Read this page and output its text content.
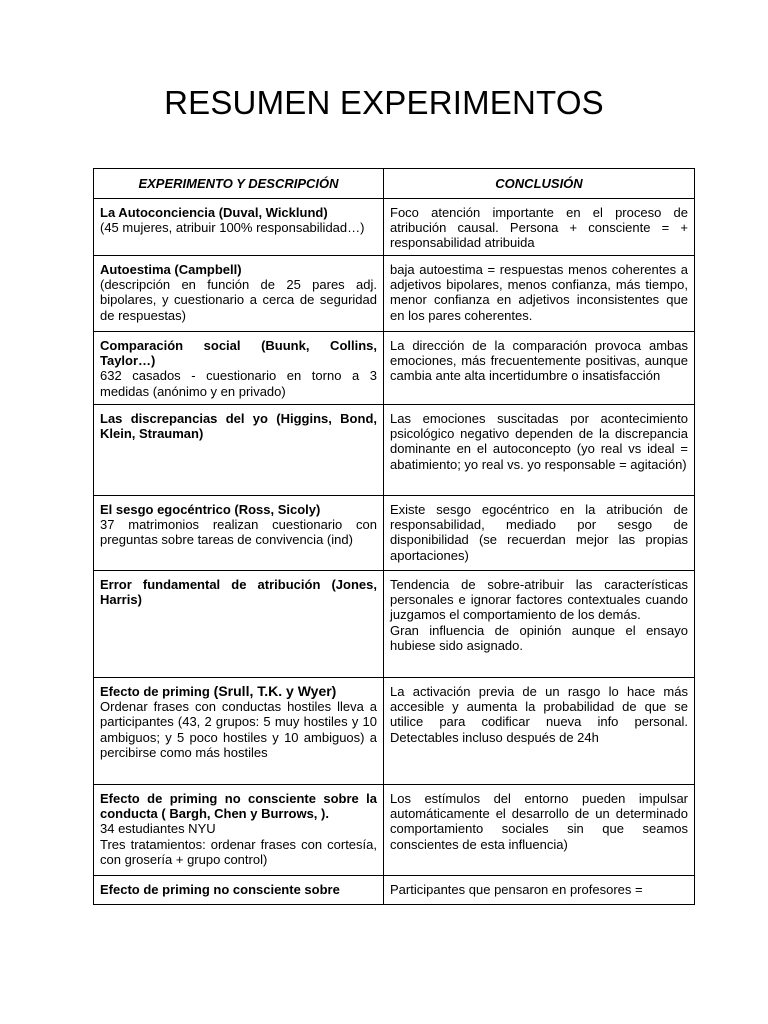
RESUMEN EXPERIMENTOS
EXPERIMENTO Y DESCRIPCIÓN	CONCLUSIÓN

La Autoconciencia (Duval, Wicklund)
(45 mujeres, atribuir 100% responsabilidad…)	Foco atención importante en el proceso de atribución causal. Persona + consciente = + responsabilidad atribuida

Autoestima (Campbell)
(descripción en función de 25 pares adj. bipolares, y cuestionario a cerca de seguridad de respuestas)	baja autoestima = respuestas menos coherentes a adjetivos bipolares, menos confianza, más tiempo, menor confianza en adjetivos inconsistentes que en los pares coherentes.

Comparación social (Buunk, Collins, Taylor…)
632 casados - cuestionario en torno a 3 medidas (anónimo y en privado)	La dirección de la comparación provoca ambas emociones, más frecuentemente positivas, aunque cambia ante alta incertidumbre o insatisfacción

Las discrepancias del yo (Higgins, Bond, Klein, Strauman)	Las emociones suscitadas por acontecimiento psicológico negativo dependen de la discrepancia dominante en el autoconcepto (yo real vs ideal = abatimiento; yo real vs. yo responsable = agitación)

El sesgo egocéntrico (Ross, Sicoly)
37 matrimonios realizan cuestionario con preguntas sobre tareas de convivencia (ind)	Existe sesgo egocéntrico en la atribución de responsabilidad, mediado por sesgo de disponibilidad (se recuerdan mejor las propias aportaciones)

Error fundamental de atribución (Jones, Harris)	Tendencia de sobre-atribuir las características personales e ignorar factores contextuales cuando juzgamos el comportamiento de los demás.
Gran influencia de opinión aunque el ensayo hubiese sido asignado.

Efecto de priming (Srull, T.K. y Wyer)
Ordenar frases con conductas hostiles lleva a participantes (43, 2 grupos: 5 muy hostiles y 10 ambiguos; y 5 poco hostiles y 10 ambiguos) a percibirse como más hostiles	La activación previa de un rasgo lo hace más accesible y aumenta la probabilidad de que se utilice para codificar nueva info personal. Detectables incluso después de 24h

Efecto de priming no consciente sobre la conducta ( Bargh, Chen y Burrows, ).
34 estudiantes NYU
Tres tratamientos: ordenar frases con cortesía, con grosería + grupo control)	Los estímulos del entorno pueden impulsar automáticamente el desarrollo de un determinado comportamiento sociales sin que seamos conscientes de esta influencia)

Efecto de priming no consciente sobre	Participantes que pensaron en profesores =
